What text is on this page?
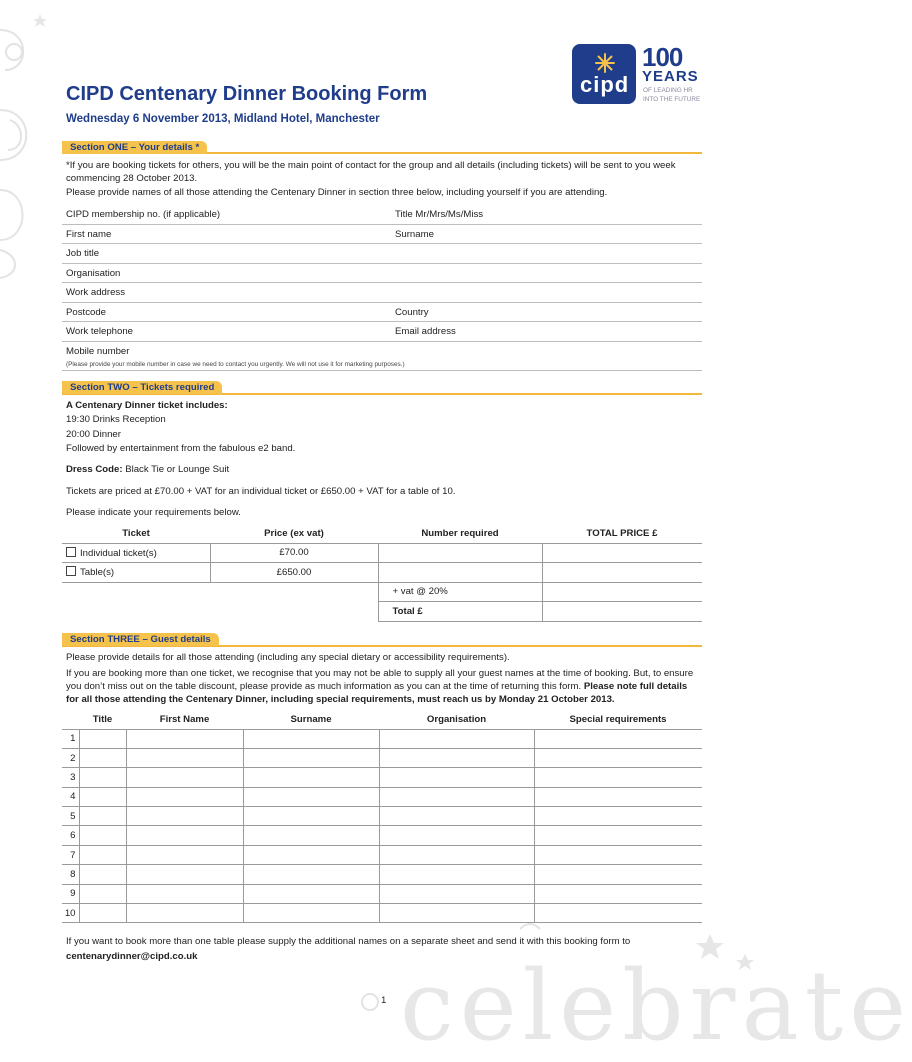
celebrate
cipd
100
YEARS
OF LEADING HR
INTO THE FUTURE
CIPD Centenary Dinner Booking Form
Wednesday 6 November 2013, Midland Hotel, Manchester
Section ONE – Your details *
*If you are booking tickets for others, you will be the main point of contact for the group and all details (including tickets) will be sent to you week commencing 28 October 2013.
Please provide names of all those attending the Centenary Dinner in section three below, including yourself if you are attending.
CIPD membership no. (if applicable)	Title Mr/Mrs/Ms/Miss
First name	Surname
Job title
Organisation
Work address
Postcode	Country
Work telephone	Email address
Mobile number
(Please provide your mobile number in case we need to contact you urgently. We will not use it for marketing purposes.)
Section TWO – Tickets required
A Centenary Dinner ticket includes:
19:30 Drinks Reception
20:00 Dinner
Followed by entertainment from the fabulous e2 band.
Dress Code: Black Tie or Lounge Suit
Tickets are priced at £70.00 + VAT for an individual ticket or £650.00 + VAT for a table of 10.
Please indicate your requirements below.
Ticket	Price (ex vat)	Number required	TOTAL PRICE £
Individual ticket(s)	£70.00		
Table(s)	£650.00		
		+ vat @ 20%	
		Total £	
Section THREE – Guest details
Please provide details for all those attending (including any special dietary or accessibility requirements).
If you are booking more than one ticket, we recognise that you may not be able to supply all your guest names at the time of booking. But, to ensure you don’t miss out on the table discount, please provide as much information as you can at the time of returning this form. Please note full details for all those attending the Centenary Dinner, including special requirements, must reach us by Monday 21 October 2013.
	Title	First Name	Surname	Organisation	Special requirements
1					
2					
3					
4					
5					
6					
7					
8					
9					
10					
If you want to book more than one table please supply the additional names on a separate sheet and send it with this booking form to
centenarydinner@cipd.co.uk
1
